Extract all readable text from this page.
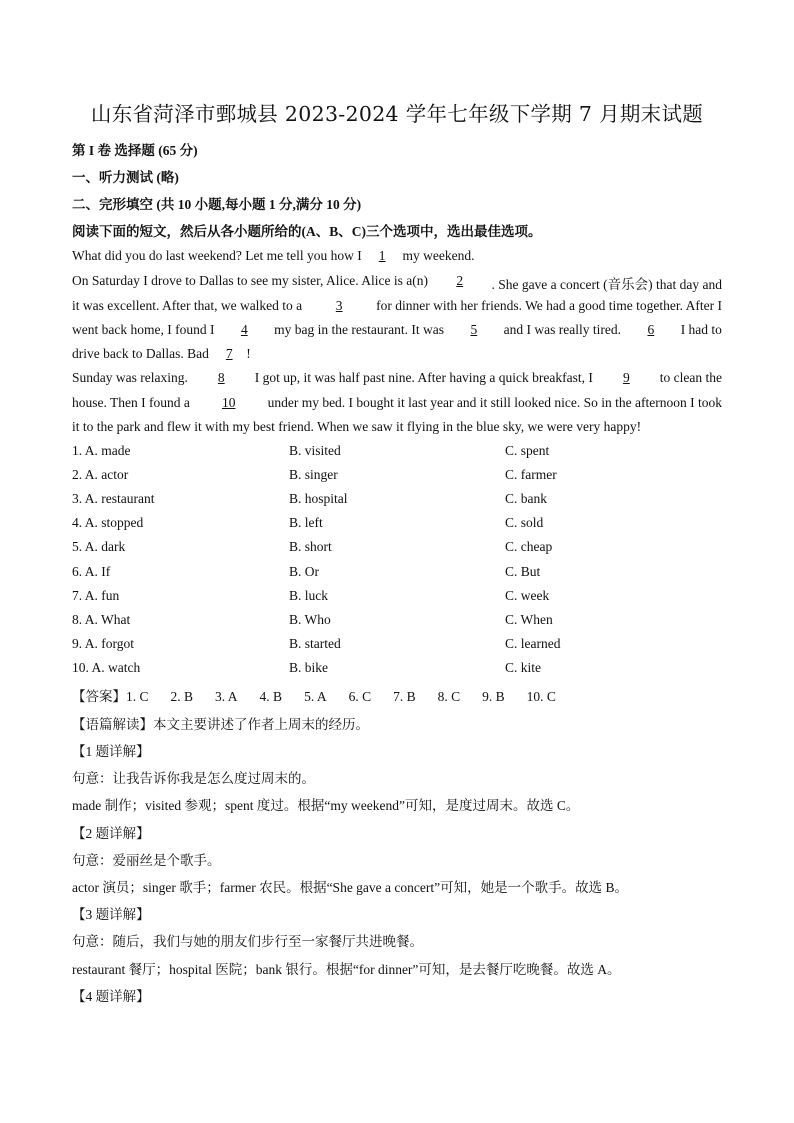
山东省菏泽市鄄城县 2023-2024 学年七年级下学期 7 月期末试题
第 I 卷 选择题 (65 分)
一、听力测试 (略)
二、完形填空 (共 10 小题,每小题 1 分,满分 10 分)
阅读下面的短文，然后从各小题所给的(A、B、C)三个选项中，选出最佳选项。
What did you do last weekend? Let me tell you how I 1 my weekend.
On Saturday I drove to Dallas to see my sister, Alice. Alice is a(n)	2	. She gave a concert (音乐会) that day and
it was excellent. After that, we walked to a	3	for dinner with her friends. We had a good time together. After I
went back home, I found I	4	my bag in the restaurant. It was	5	and I was really tired.	6	I had to
drive back to Dallas. Bad 7 !
Sunday was relaxing.	8	I got up, it was half past nine. After having a quick breakfast, I	9	to clean the
house. Then I found a	10	under my bed. I bought it last year and it still looked nice. So in the afternoon I took
it to the park and flew it with my best friend. When we saw it flying in the blue sky, we were very happy!
1. A. made	B. visited	C. spent
2. A. actor	B. singer	C. farmer
3. A. restaurant	B. hospital	C. bank
4. A. stopped	B. left	C. sold
5. A. dark	B. short	C. cheap
6. A. If	B. Or	C. But
7. A. fun	B. luck	C. week
8. A. What	B. Who	C. When
9. A. forgot	B. started	C. learned
10. A. watch	B. bike	C. kite
【答案】1. C 2. B 3. A 4. B 5. A 6. C 7. B 8. C 9. B 10. C
【语篇解读】本文主要讲述了作者上周末的经历。
【1 题详解】
句意：让我告诉你我是怎么度过周末的。
made 制作；visited 参观；spent 度过。根据“my weekend”可知，是度过周末。故选 C。
【2 题详解】
句意：爱丽丝是个歌手。
actor 演员；singer 歌手；farmer 农民。根据“She gave a concert”可知，她是一个歌手。故选 B。
【3 题详解】
句意：随后，我们与她的朋友们步行至一家餐厅共进晚餐。
restaurant 餐厅；hospital 医院；bank 银行。根据“for dinner”可知，是去餐厅吃晚餐。故选 A。
【4 题详解】
